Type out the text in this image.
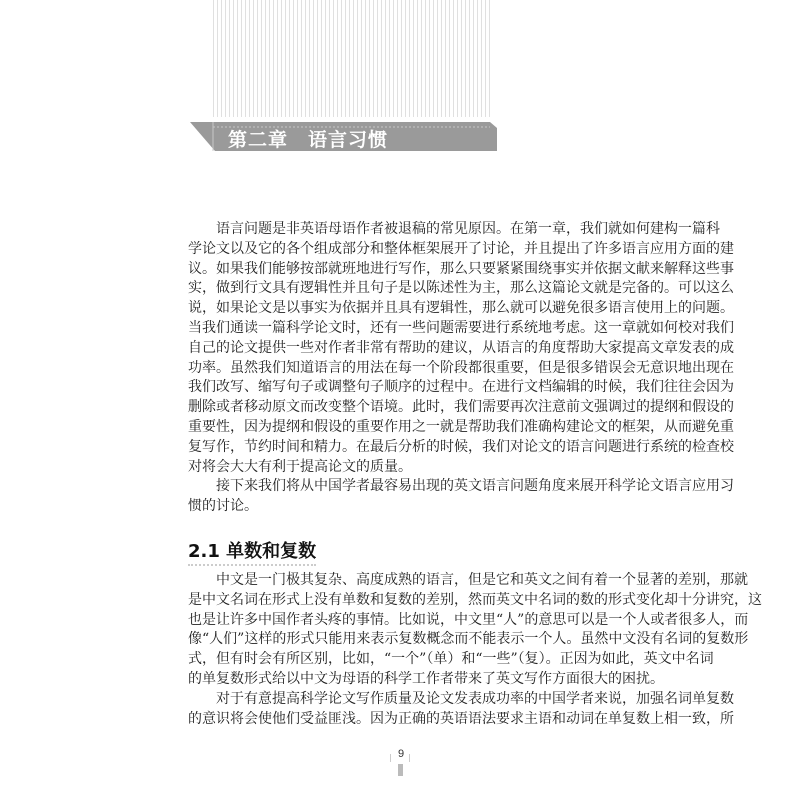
第二章　语言习惯
语言问题是非英语母语作者被退稿的常见原因。在第一章，我们就如何建构一篇科
学论文以及它的各个组成部分和整体框架展开了讨论，并且提出了许多语言应用方面的建
议。如果我们能够按部就班地进行写作，那么只要紧紧围绕事实并依据文献来解释这些事
实，做到行文具有逻辑性并且句子是以陈述性为主，那么这篇论文就是完备的。可以这么
说，如果论文是以事实为依据并且具有逻辑性，那么就可以避免很多语言使用上的问题。
当我们通读一篇科学论文时，还有一些问题需要进行系统地考虑。这一章就如何校对我们
自己的论文提供一些对作者非常有帮助的建议，从语言的角度帮助大家提高文章发表的成
功率。虽然我们知道语言的用法在每一个阶段都很重要，但是很多错误会无意识地出现在
我们改写、缩写句子或调整句子顺序的过程中。在进行文档编辑的时候，我们往往会因为
删除或者移动原文而改变整个语境。此时，我们需要再次注意前文强调过的提纲和假设的
重要性，因为提纲和假设的重要作用之一就是帮助我们准确构建论文的框架，从而避免重
复写作，节约时间和精力。在最后分析的时候，我们对论文的语言问题进行系统的检查校
对将会大大有利于提高论文的质量。
接下来我们将从中国学者最容易出现的英文语言问题角度来展开科学论文语言应用习
惯的讨论。
2.1 单数和复数
中文是一门极其复杂、高度成熟的语言，但是它和英文之间有着一个显著的差别，那就
是中文名词在形式上没有单数和复数的差别，然而英文中名词的数的形式变化却十分讲究，这
也是让许多中国作者头疼的事情。比如说，中文里“人”的意思可以是一个人或者很多人，而
像“人们”这样的形式只能用来表示复数概念而不能表示一个人。虽然中文没有名词的复数形
式，但有时会有所区别，比如，“一个”（单）和“一些”（复）。正因为如此，英文中名词
的单复数形式给以中文为母语的科学工作者带来了英文写作方面很大的困扰。
对于有意提高科学论文写作质量及论文发表成功率的中国学者来说，加强名词单复数
的意识将会使他们受益匪浅。因为正确的英语语法要求主语和动词在单复数上相一致，所
9
